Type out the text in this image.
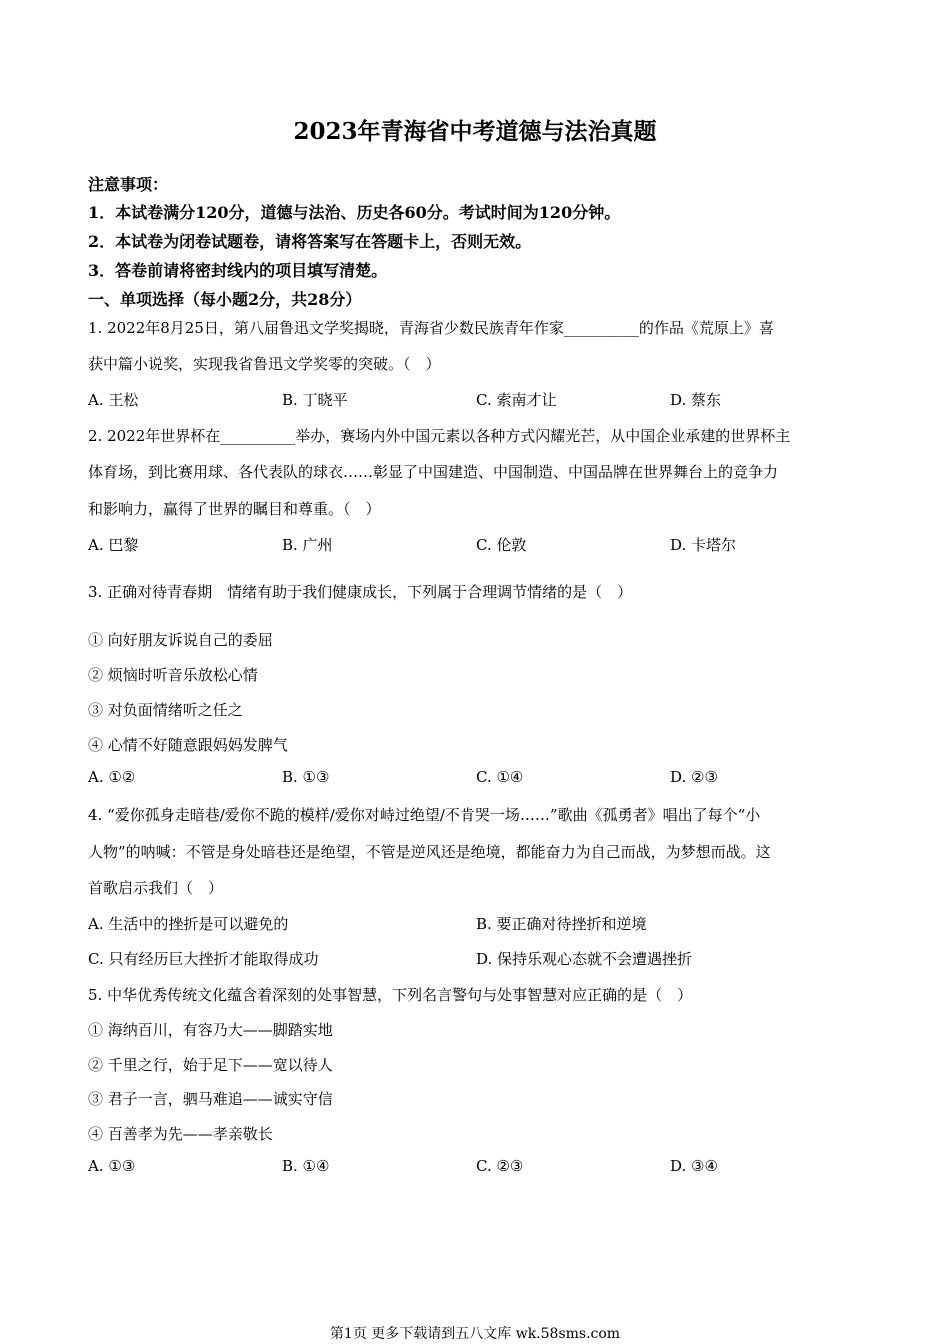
2023年青海省中考道德与法治真题
注意事项：
1．本试卷满分120分，道德与法治、历史各60分。考试时间为120分钟。
2．本试卷为闭卷试题卷，请将答案写在答题卡上，否则无效。
3．答卷前请将密封线内的项目填写清楚。
一、单项选择（每小题2分，共28分）
1. 2022年8月25日，第八届鲁迅文学奖揭晓，青海省少数民族青年作家__________的作品《荒原上》喜
获中篇小说奖，实现我省鲁迅文学奖零的突破。（　）
A. 王松	B. 丁晓平	C. 索南才让	D. 蔡东
2. 2022年世界杯在__________举办，赛场内外中国元素以各种方式闪耀光芒，从中国企业承建的世界杯主
体育场，到比赛用球、各代表队的球衣……彰显了中国建造、中国制造、中国品牌在世界舞台上的竞争力
和影响力，赢得了世界的瞩目和尊重。（　）
A. 巴黎	B. 广州	C. 伦敦	D. 卡塔尔
3. 正确对待青春期　情绪有助于我们健康成长，下列属于合理调节情绪的是（　）
① 向好朋友诉说自己的委屈
② 烦恼时听音乐放松心情
③ 对负面情绪听之任之
④ 心情不好随意跟妈妈发脾气
A. ①②	B. ①③	C. ①④	D. ②③
4. “爱你孤身走暗巷/爱你不跪的模样/爱你对峙过绝望/不肯哭一场……”歌曲《孤勇者》唱出了每个“小
人物”的呐喊：不管是身处暗巷还是绝望，不管是逆风还是绝境，都能奋力为自己而战，为梦想而战。这
首歌启示我们（　）
A. 生活中的挫折是可以避免的	B. 要正确对待挫折和逆境
C. 只有经历巨大挫折才能取得成功	D. 保持乐观心态就不会遭遇挫折
5. 中华优秀传统文化蕴含着深刻的处事智慧，下列名言警句与处事智慧对应正确的是（　）
① 海纳百川，有容乃大——脚踏实地
② 千里之行，始于足下——宽以待人
③ 君子一言，驷马难追——诚实守信
④ 百善孝为先——孝亲敬长
A. ①③	B. ①④	C. ②③	D. ③④
第1页 更多下载请到五八文库 wk.58sms.com
